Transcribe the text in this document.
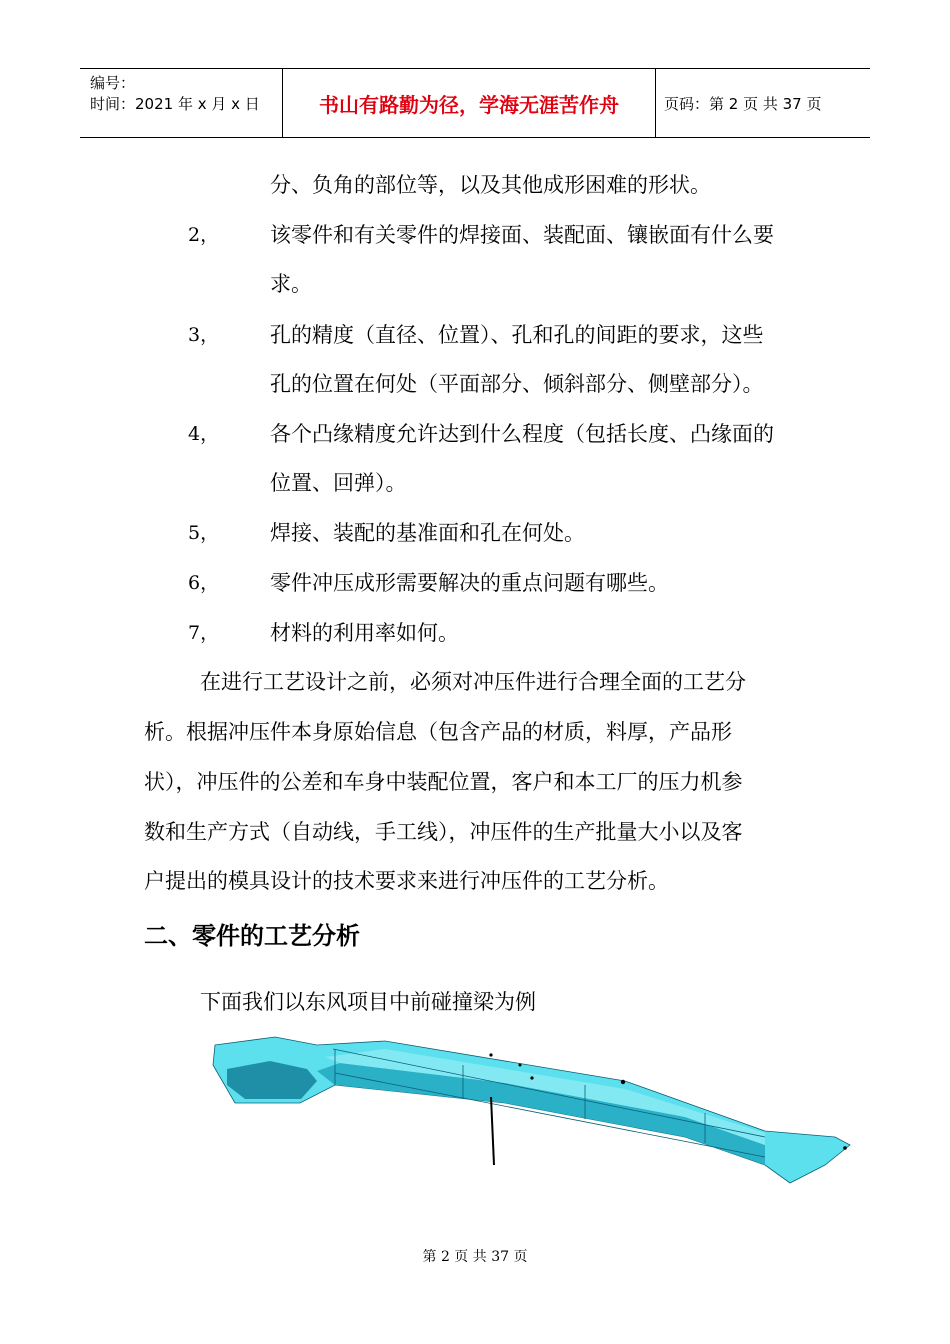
编号：
时间：2021 年 x 月 x 日	书山有路勤为径，学海无涯苦作舟	页码：第 2 页 共 37 页
分、负角的部位等，以及其他成形困难的形状。
2， 该零件和有关零件的焊接面、装配面、镶嵌面有什么要
求。
3， 孔的精度（直径、位置）、孔和孔的间距的要求，这些
孔的位置在何处（平面部分、倾斜部分、侧壁部分）。
4， 各个凸缘精度允许达到什么程度（包括长度、凸缘面的
位置、回弹）。
5， 焊接、装配的基准面和孔在何处。
6， 零件冲压成形需要解决的重点问题有哪些。
7， 材料的利用率如何。
在进行工艺设计之前，必须对冲压件进行合理全面的工艺分
析。根据冲压件本身原始信息（包含产品的材质，料厚，产品形
状），冲压件的公差和车身中装配位置，客户和本工厂的压力机参
数和生产方式（自动线，手工线），冲压件的生产批量大小以及客
户提出的模具设计的技术要求来进行冲压件的工艺分析。
二、零件的工艺分析
下面我们以东风项目中前碰撞梁为例
第 2 页 共 37 页
